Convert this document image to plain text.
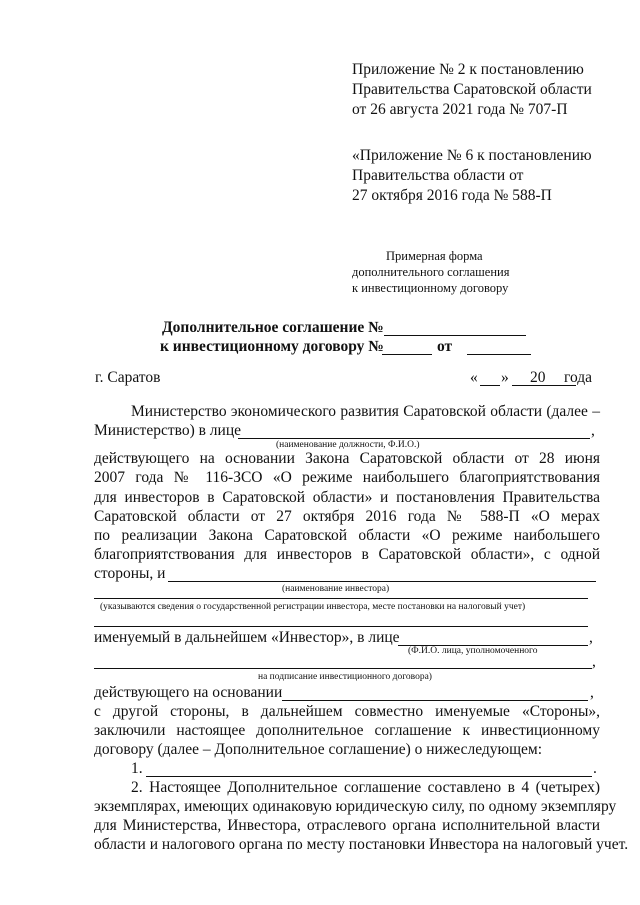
Приложение № 2 к постановлению
Правительства Саратовской области
от 26 августа 2021 года № 707-П
«Приложение № 6 к постановлению
Правительства области от
27 октября 2016 года № 588-П
Примерная форма
дополнительного соглашения
к инвестиционному договору
Дополнительное соглашение №
к инвестиционному договору №	от
г. Саратов	« » 20 года
Министерство экономического развития Саратовской области (далее –
Министерство) в лице	,
(наименование должности, Ф.И.О.)
действующего на основании Закона Саратовской области от 28 июня
2007 года № 116-ЗСО «О режиме наибольшего благоприятствования
для инвесторов в Саратовской области» и постановления Правительства
Саратовской области от 27 октября 2016 года № 588-П «О мерах
по реализации Закона Саратовской области «О режиме наибольшего
благоприятствования для инвесторов в Саратовской области», с одной
стороны, и
(наименование инвестора)
(указываются сведения о государственной регистрации инвестора, месте постановки на налоговый учет)
именуемый в дальнейшем «Инвестор», в лице	,
(Ф.И.О. лица, уполномоченного
,
на подписание инвестиционного договора)
действующего на основании	,
с другой стороны, в дальнейшем совместно именуемые «Стороны»,
заключили настоящее дополнительное соглашение к инвестиционному
договору (далее – Дополнительное соглашение) о нижеследующем:
1.	.
2. Настоящее Дополнительное соглашение составлено в 4 (четырех)
экземплярах, имеющих одинаковую юридическую силу, по одному экземпляру
для Министерства, Инвестора, отраслевого органа исполнительной власти
области и налогового органа по месту постановки Инвестора на налоговый учет.
